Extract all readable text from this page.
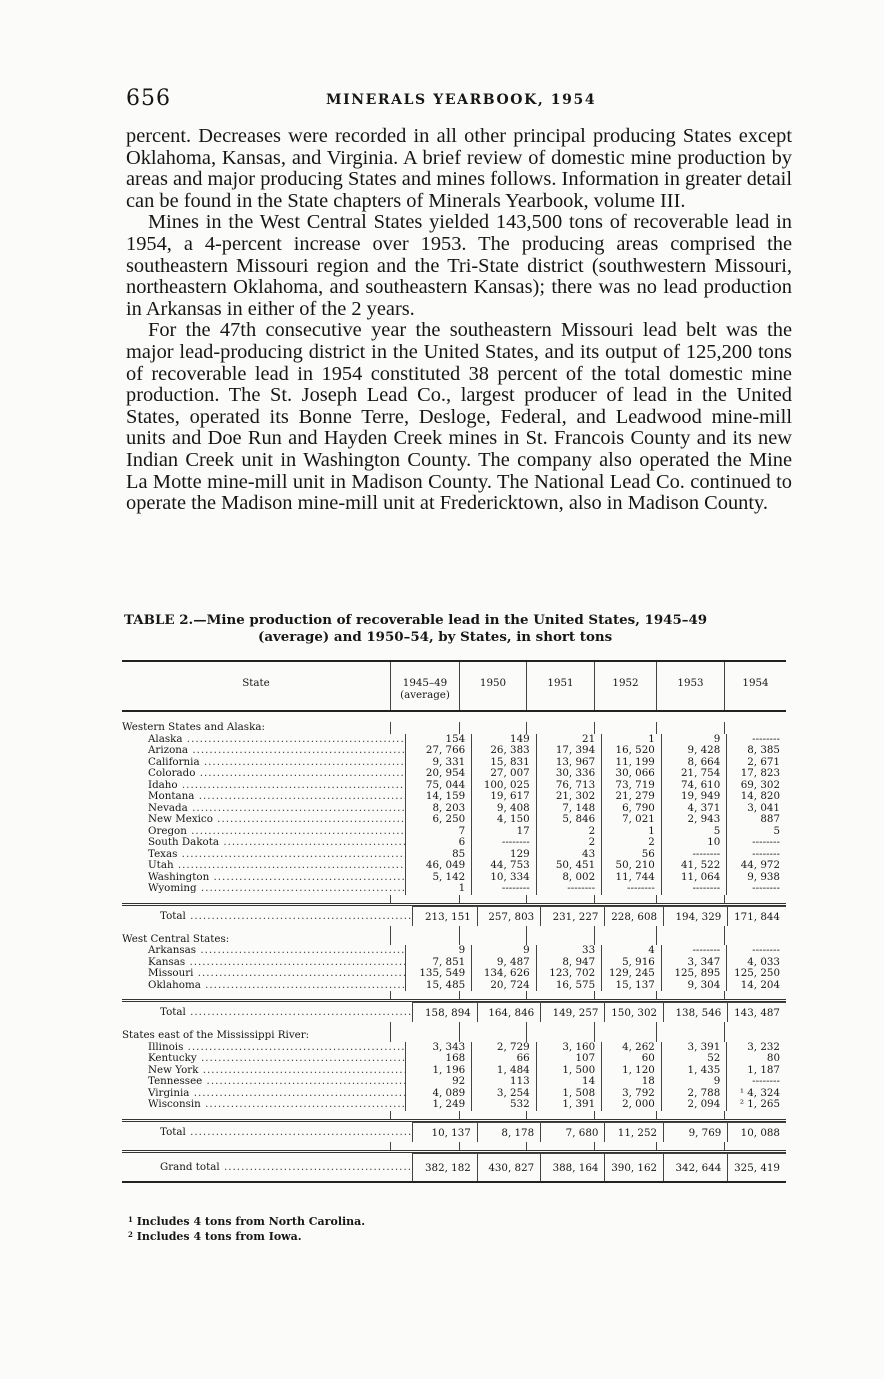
656	MINERALS YEARBOOK, 1954

percent. Decreases were recorded in all other principal producing States except Oklahoma, Kansas, and Virginia. A brief review of domestic mine production by areas and major producing States and mines follows. Information in greater detail can be found in the State chapters of Minerals Yearbook, volume III.

Mines in the West Central States yielded 143,500 tons of recoverable lead in 1954, a 4-percent increase over 1953. The producing areas comprised the southeastern Missouri region and the Tri-State district (southwestern Missouri, northeastern Oklahoma, and southeastern Kansas); there was no lead production in Arkansas in either of the 2 years.

For the 47th consecutive year the southeastern Missouri lead belt was the major lead-producing district in the United States, and its output of 125,200 tons of recoverable lead in 1954 constituted 38 percent of the total domestic mine production. The St. Joseph Lead Co., largest producer of lead in the United States, operated its Bonne Terre, Desloge, Federal, and Leadwood mine-mill units and Doe Run and Hayden Creek mines in St. Francois County and its new Indian Creek unit in Washington County. The company also operated the Mine La Motte mine-mill unit in Madison County. The National Lead Co. continued to operate the Madison mine-mill unit at Fredericktown, also in Madison County.

TABLE 2.—Mine production of recoverable lead in the United States, 1945–49
(average) and 1950–54, by States, in short tons
State	1945–49
(average)
1950	1951	1952	1953	1954
Western States and Alaska:
Alaska .....	154	149	21	1	9	--------
Arizona .....	27, 766	26, 383	17, 394	16, 520	9, 428	8, 385
California .....	9, 331	15, 831	13, 967	11, 199	8, 664	2, 671
Colorado .....	20, 954	27, 007	30, 336	30, 066	21, 754	17, 823
Idaho .....	75, 044	100, 025	76, 713	73, 719	74, 610	69, 302
Montana .....	14, 159	19, 617	21, 302	21, 279	19, 949	14, 820
Nevada .....	8, 203	9, 408	7, 148	6, 790	4, 371	3, 041
New Mexico .....	6, 250	4, 150	5, 846	7, 021	2, 943	887
Oregon .....	7	17	2	1	5	5
South Dakota .....	6	--------	2	2	10	--------
Texas .....	85	129	43	56	--------	--------
Utah .....	46, 049	44, 753	50, 451	50, 210	41, 522	44, 972
Washington .....	5, 142	10, 334	8, 002	11, 744	11, 064	9, 938
Wyoming .....	1	--------	--------	--------	--------	--------
Total .....	213, 151	257, 803	231, 227	228, 608	194, 329	171, 844
West Central States:
Arkansas .....	9	9	33	4	--------	--------
Kansas .....	7, 851	9, 487	8, 947	5, 916	3, 347	4, 033
Missouri .....	135, 549	134, 626	123, 702	129, 245	125, 895	125, 250
Oklahoma .....	15, 485	20, 724	16, 575	15, 137	9, 304	14, 204
Total .....	158, 894	164, 846	149, 257	150, 302	138, 546	143, 487
States east of the Mississippi River:
Illinois .....	3, 343	2, 729	3, 160	4, 262	3, 391	3, 232
Kentucky .....	168	66	107	60	52	80
New York .....	1, 196	1, 484	1, 500	1, 120	1, 435	1, 187
Tennessee .....	92	113	14	18	9	--------
Virginia .....	4, 089	3, 254	1, 508	3, 792	2, 788	¹ 4, 324
Wisconsin .....	1, 249	532	1, 391	2, 000	2, 094	² 1, 265
Total .....	10, 137	8, 178	7, 680	11, 252	9, 769	10, 088
Grand total .....	382, 182	430, 827	388, 164	390, 162	342, 644	325, 419
$^1$ Includes 4 tons from North Carolina.
$^2$ Includes 4 tons from Iowa.
